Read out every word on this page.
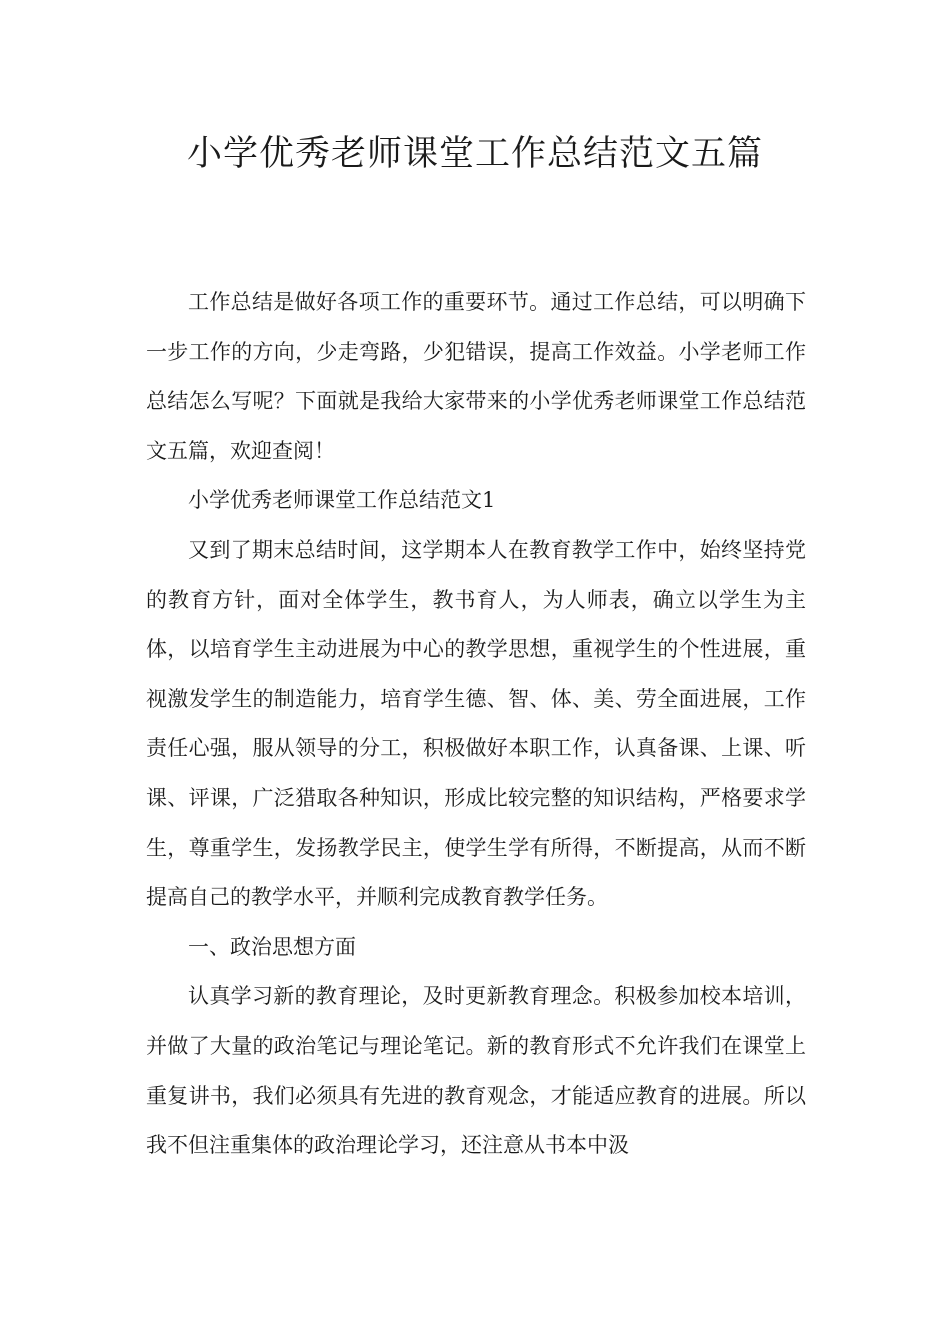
小学优秀老师课堂工作总结范文五篇

工作总结是做好各项工作的重要环节。通过工作总结，可以明确下一步工作的方向，少走弯路，少犯错误，提高工作效益。小学老师工作总结怎么写呢？下面就是我给大家带来的小学优秀老师课堂工作总结范文五篇，欢迎查阅！

小学优秀老师课堂工作总结范文1

又到了期末总结时间，这学期本人在教育教学工作中，始终坚持党的教育方针，面对全体学生，教书育人，为人师表，确立以学生为主体，以培育学生主动进展为中心的教学思想，重视学生的个性进展，重视激发学生的制造能力，培育学生德、智、体、美、劳全面进展，工作责任心强，服从领导的分工，积极做好本职工作，认真备课、上课、听课、评课，广泛猎取各种知识，形成比较完整的知识结构，严格要求学生，尊重学生，发扬教学民主，使学生学有所得，不断提高，从而不断提高自己的教学水平，并顺利完成教育教学任务。

一、政治思想方面

认真学习新的教育理论，及时更新教育理念。积极参加校本培训，并做了大量的政治笔记与理论笔记。新的教育形式不允许我们在课堂上重复讲书，我们必须具有先进的教育观念，才能适应教育的进展。所以我不但注重集体的政治理论学习，还注意从书本中汲
